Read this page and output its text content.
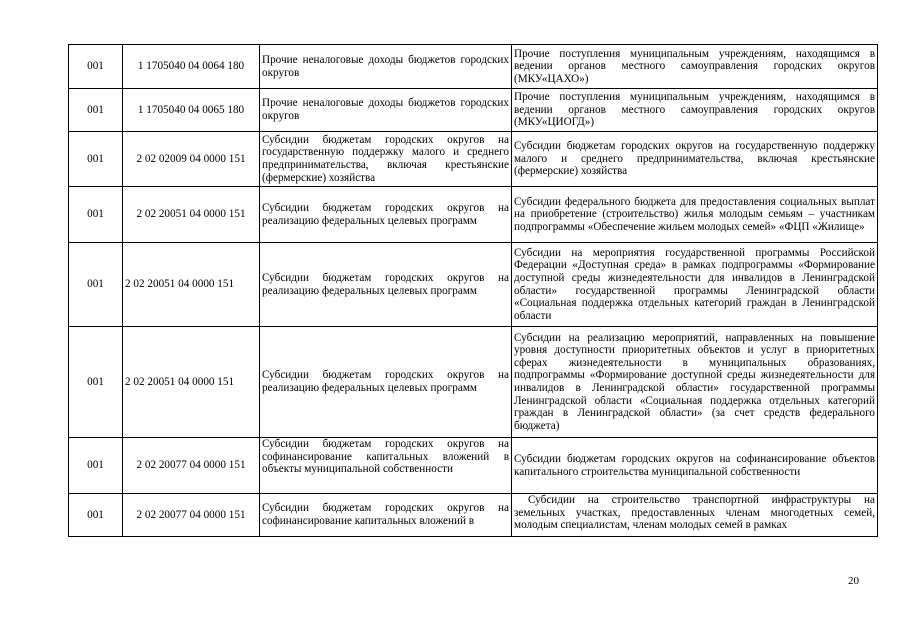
001	1 1705040 04 0064 180	Прочие неналоговые доходы бюджетов городских округов	Прочие поступления муниципальным учреждениям, находящимся в ведении органов местного самоуправления городских округов (МКУ«ЦАХО»)
001	1 1705040 04 0065 180	Прочие неналоговые доходы бюджетов городских округов	Прочие поступления муниципальным учреждениям, находящимся в ведении органов местного самоуправления городских округов (МКУ«ЦИОГД»)
001	2 02 02009 04 0000 151	Субсидии бюджетам городских округов на государственную поддержку малого и среднего предпринимательства, включая крестьянские (фермерские) хозяйства	Субсидии бюджетам городских округов на государственную поддержку малого и среднего предпринимательства, включая крестьянские (фермерские) хозяйства
001	2 02 20051 04 0000 151	Субсидии бюджетам городских округов на реализацию федеральных целевых программ	Субсидии федерального бюджета для предоставления социальных выплат на приобретение (строительство) жилья молодым семьям – участникам подпрограммы «Обеспечение жильем молодых семей» «ФЦП «Жилище»
001	2 02 20051 04 0000 151	Субсидии бюджетам городских округов на реализацию федеральных целевых программ	Субсидии на мероприятия государственной программы Российской Федерации «Доступная среда» в рамках подпрограммы «Формирование доступной среды жизнедеятельности для инвалидов в Ленинградской области» государственной программы Ленинградской области «Социальная поддержка отдельных категорий граждан в Ленинградской области
001	2 02 20051 04 0000 151	Субсидии бюджетам городских округов на реализацию федеральных целевых программ	Субсидии на реализацию мероприятий, направленных на повышение уровня доступности приоритетных объектов и услуг в приоритетных сферах жизнедеятельности в муниципальных образованиях, подпрограммы «Формирование доступной среды жизнедеятельности для инвалидов в Ленинградской области» государственной программы Ленинградской области «Социальная поддержка отдельных категорий граждан в Ленинградской области» (за счет средств федерального бюджета)
001	2 02 20077 04 0000 151	Субсидии бюджетам городских округов на софинансирование капитальных вложений в объекты муниципальной собственности	Субсидии бюджетам городских округов на софинансирование объектов капитального строительства муниципальной собственности
001	2 02 20077 04 0000 151	Субсидии бюджетам городских округов на софинансирование капитальных вложений в	Субсидии на строительство транспортной инфраструктуры на земельных участках, предоставленных членам многодетных семей, молодым специалистам, членам молодых семей в рамках
20
